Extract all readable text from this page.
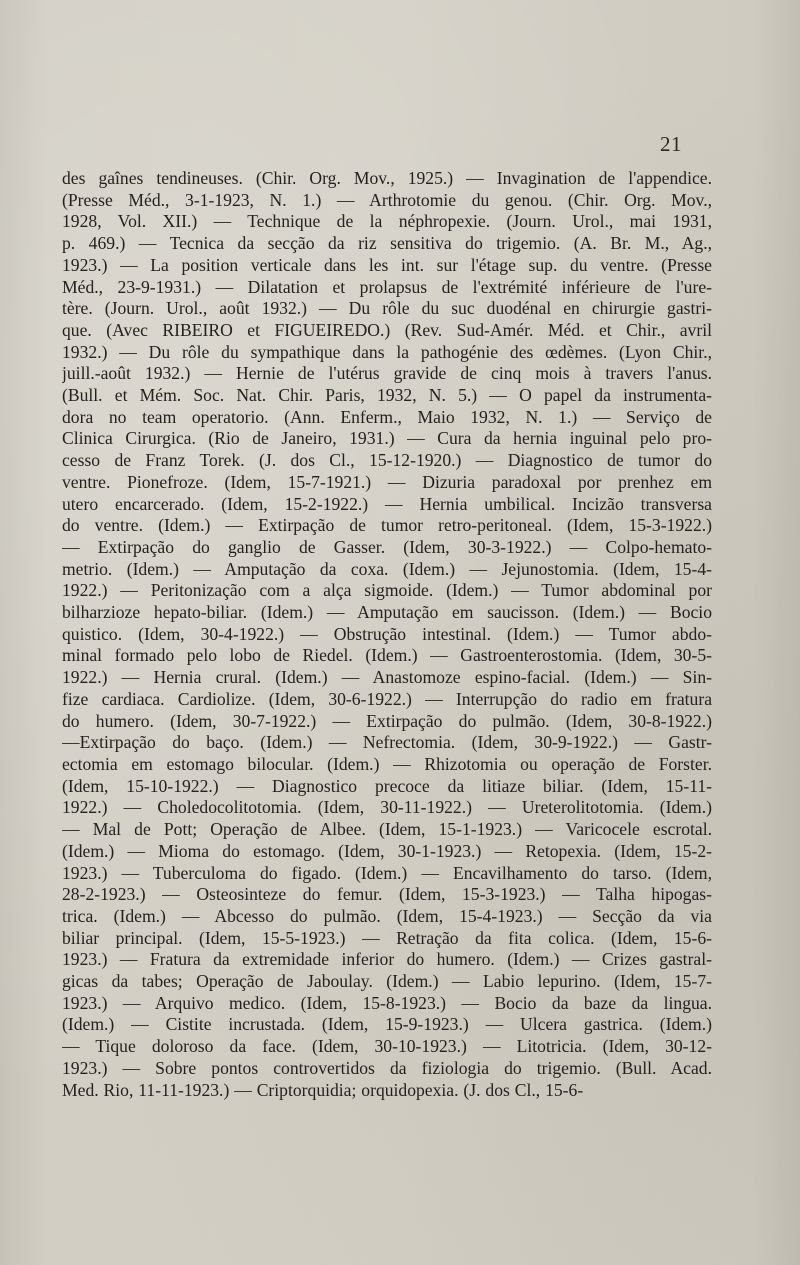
21
des gaînes tendineuses. (Chir. Org. Mov., 1925.) — Invagination de l'appendice.
(Presse Méd., 3-1-1923, N. 1.) — Arthrotomie du genou. (Chir. Org. Mov.,
1928, Vol. XII.) — Technique de la néphropexie. (Journ. Urol., mai 1931,
p. 469.) — Tecnica da secção da riz sensitiva do trigemio. (A. Br. M., Ag.,
1923.) — La position verticale dans les int. sur l'étage sup. du ventre. (Presse
Méd., 23-9-1931.) — Dilatation et prolapsus de l'extrémité inférieure de l'ure-
tère. (Journ. Urol., août 1932.) — Du rôle du suc duodénal en chirurgie gastri-
que. (Avec RIBEIRO et FIGUEIREDO.) (Rev. Sud-Amér. Méd. et Chir., avril
1932.) — Du rôle du sympathique dans la pathogénie des œdèmes. (Lyon Chir.,
juill.-août 1932.) — Hernie de l'utérus gravide de cinq mois à travers l'anus.
(Bull. et Mém. Soc. Nat. Chir. Paris, 1932, N. 5.) — O papel da instrumenta-
dora no team operatorio. (Ann. Enferm., Maio 1932, N. 1.) — Serviço de
Clinica Cirurgica. (Rio de Janeiro, 1931.) — Cura da hernia inguinal pelo pro-
cesso de Franz Torek. (J. dos Cl., 15-12-1920.) — Diagnostico de tumor do
ventre. Pionefroze. (Idem, 15-7-1921.) — Dizuria paradoxal por prenhez em
utero encarcerado. (Idem, 15-2-1922.) — Hernia umbilical. Incizão transversa
do ventre. (Idem.) — Extirpação de tumor retro-peritoneal. (Idem, 15-3-1922.)
— Extirpação do ganglio de Gasser. (Idem, 30-3-1922.) — Colpo-hemato-
metrio. (Idem.) — Amputação da coxa. (Idem.) — Jejunostomia. (Idem, 15-4-
1922.) — Peritonização com a alça sigmoide. (Idem.) — Tumor abdominal por
bilharzioze hepato-biliar. (Idem.) — Amputação em saucisson. (Idem.) — Bocio
quistico. (Idem, 30-4-1922.) — Obstrução intestinal. (Idem.) — Tumor abdo-
minal formado pelo lobo de Riedel. (Idem.) — Gastroenterostomia. (Idem, 30-5-
1922.) — Hernia crural. (Idem.) — Anastomoze espino-facial. (Idem.) — Sin-
fize cardiaca. Cardiolize. (Idem, 30-6-1922.) — Interrupção do radio em fratura
do humero. (Idem, 30-7-1922.) — Extirpação do pulmão. (Idem, 30-8-1922.)
—Extirpação do baço. (Idem.) — Nefrectomia. (Idem, 30-9-1922.) — Gastr-
ectomia em estomago bilocular. (Idem.) — Rhizotomia ou operação de Forster.
(Idem, 15-10-1922.) — Diagnostico precoce da litiaze biliar. (Idem, 15-11-
1922.) — Choledocolitotomia. (Idem, 30-11-1922.) — Ureterolitotomia. (Idem.)
— Mal de Pott; Operação de Albee. (Idem, 15-1-1923.) — Varicocele escrotal.
(Idem.) — Mioma do estomago. (Idem, 30-1-1923.) — Retopexia. (Idem, 15-2-
1923.) — Tuberculoma do figado. (Idem.) — Encavilhamento do tarso. (Idem,
28-2-1923.) — Osteosinteze do femur. (Idem, 15-3-1923.) — Talha hipogas-
trica. (Idem.) — Abcesso do pulmão. (Idem, 15-4-1923.) — Secção da via
biliar principal. (Idem, 15-5-1923.) — Retração da fita colica. (Idem, 15-6-
1923.) — Fratura da extremidade inferior do humero. (Idem.) — Crizes gastral-
gicas da tabes; Operação de Jaboulay. (Idem.) — Labio lepurino. (Idem, 15-7-
1923.) — Arquivo medico. (Idem, 15-8-1923.) — Bocio da baze da lingua.
(Idem.) — Cistite incrustada. (Idem, 15-9-1923.) — Ulcera gastrica. (Idem.)
— Tique doloroso da face. (Idem, 30-10-1923.) — Litotricia. (Idem, 30-12-
1923.) — Sobre pontos controvertidos da fiziologia do trigemio. (Bull. Acad.
Med. Rio, 11-11-1923.) — Criptorquidia; orquidopexia. (J. dos Cl., 15-6-
